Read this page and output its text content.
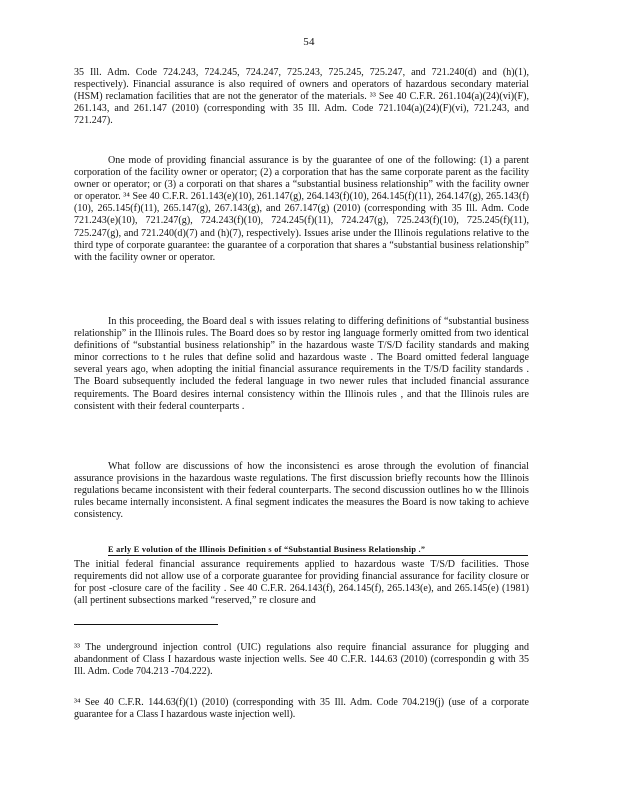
54

35 Ill. Adm. Code 724.243, 724.245, 724.247, 725.243, 725.245, 725.247, and 721.240(d) and (h)(1), respectively). Financial assurance is also required of owners and operators of hazardous secondary material (HSM) reclamation facilities that are not the generator of the materials. ³³ See 40 C.F.R. 261.104(a)(24)(vi)(F), 261.143, and 261.147 (2010) (corresponding with 35 Ill. Adm. Code 721.104(a)(24)(F)(vi), 721.243, and 721.247).

One mode of providing financial assurance is by the guarantee of one of the following: (1) a parent corporation of the facility owner or operator; (2) a corporation that has the same corporate parent as the facility owner or operator; or (3) a corporati on that shares a “substantial business relationship” with the facility owner or operator. ³⁴ See 40 C.F.R. 261.143(e)(10), 261.147(g), 264.143(f)(10), 264.145(f)(11), 264.147(g), 265.143(f)(10), 265.145(f)(11), 265.147(g), 267.143(g), and 267.147(g) (2010) (corresponding with 35 Ill. Adm. Code 721.243(e)(10), 721.247(g), 724.243(f)(10), 724.245(f)(11), 724.247(g), 725.243(f)(10), 725.245(f)(11), 725.247(g), and 721.240(d)(7) and (h)(7), respectively). Issues arise under the Illinois regulations relative to the third type of corporate guarantee: the guarantee of a corporation that shares a “substantial business relationship” with the facility owner or operator.

In this proceeding, the Board deal s with issues relating to differing definitions of “substantial business relationship” in the Illinois rules. The Board does so by restor ing language formerly omitted from two identical definitions of “substantial business relationship” in the hazardous waste T/S/D facility standards and making minor corrections to t he rules that define solid and hazardous waste . The Board omitted federal language several years ago, when adopting the initial financial assurance requirements in the T/S/D facility standards . The Board subsequently included the federal language in two newer rules that included financial assurance requirements. The Board desires internal consistency within the Illinois rules , and that the Illinois rules are consistent with their federal counterparts .

What follow are discussions of how the inconsistenci es arose through the evolution of financial assurance provisions in the hazardous waste regulations. The first discussion briefly recounts how the Illinois regulations became inconsistent with their federal counterparts. The second discussion outlines ho w the Illinois rules became internally inconsistent. A final segment indicates the measures the Board is now taking to achieve consistency.

E arly E volution of the Illinois Definition s of “Substantial Business Relationship .”

The initial federal financial assurance requirements applied to hazardous waste T/S/D facilities. Those requirements did not allow use of a corporate guarantee for providing financial assurance for facility closure or for post -closure care of the facility . See 40 C.F.R. 264.143(f), 264.145(f), 265.143(e), and 265.145(e) (1981) (all pertinent subsections marked “reserved,” re closure and

³³ The underground injection control (UIC) regulations also require financial assurance for plugging and abandonment of Class I hazardous waste injection wells. See 40 C.F.R. 144.63 (2010) (correspondin g with 35 Ill. Adm. Code 704.213 -704.222).

³⁴ See 40 C.F.R. 144.63(f)(1) (2010) (corresponding with 35 Ill. Adm. Code 704.219(j) (use of a corporate guarantee for a Class I hazardous waste injection well).
